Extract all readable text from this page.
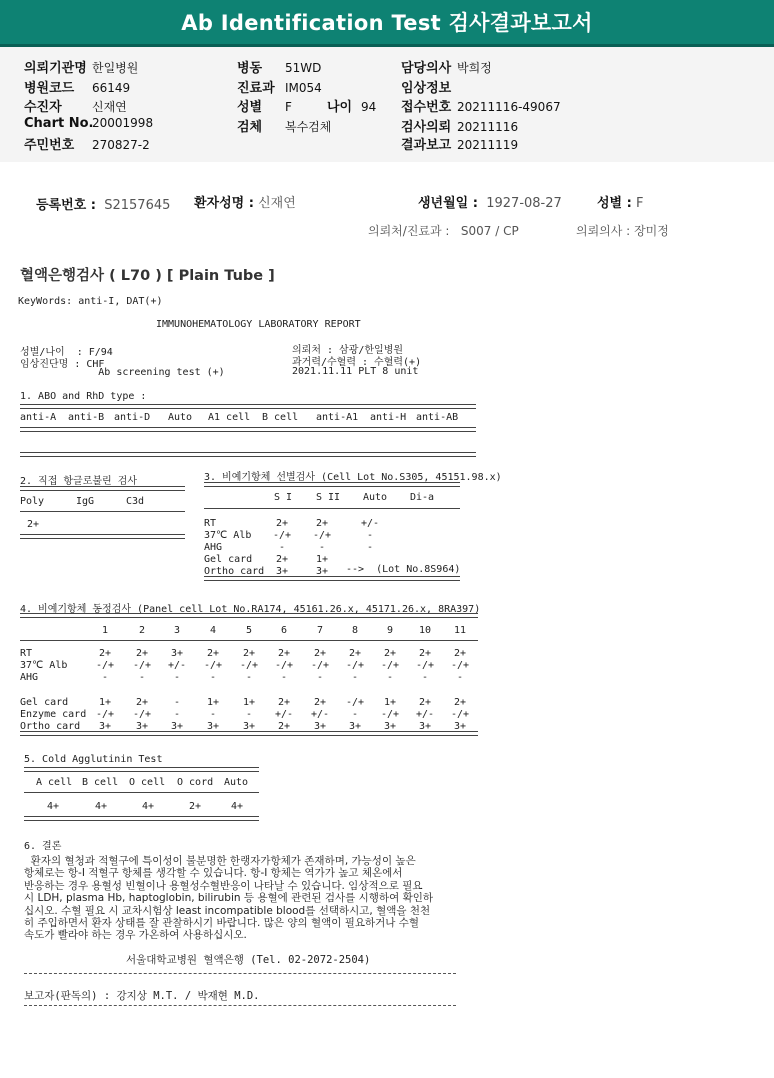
Ab Identification Test 검사결과보고서
의뢰기관명 한일병원
병원코드 66149
수진자	신재연
Chart No.20001998
주민번호 270827-2
병동 51WD
진료과 IM054
성별 F	나이 94
검체 복수검체
담당의사 박희정
임상정보
접수번호 20211116-49067
검사의뢰 20211116
결과보고 20211119
등록번호 : S2157645 환자성명 : 신재연	생년월일 : 1927-08-27	성별 : F
의뢰처/진료과 : S007 / CP	의뢰의사 : 장미정
혈액은행검사 ( L70 ) [ Plain Tube ]
KeyWords: anti-I, DAT(+)
IMMUNOHEMATOLOGY LABORATORY REPORT
성별/나이  : F/94
임상진단명 : CHF
Ab screening test (+)
의뢰처 : 삼광/한일병원
과거력/수혈력 : 수혈력(+)
2021.11.11 PLT 8 unit
1. ABO and RhD type :
anti-A anti-B anti-D Auto A1 cell B cell anti-A1 anti-H anti-AB
2. 직접 항글로불린 검사
Poly	IgG	C3d
2+
3. 비예기항체 선별검사 (Cell Lot No.S305, 45151.98.x)
S I S II Auto Di-a
RT	2+	2+	+/-
37℃ Alb	-/+	-/+	-
AHG	-	-	-
Gel card	2+	1+
Ortho card	3+	3+	-->  (Lot No.8S964)
4. 비예기항체 동정검사 (Panel cell Lot No.RA174, 45161.26.x, 45171.26.x, 8RA397)
1	2	3	4	5	6	7	8	9	10	11
RT	2+	2+	3+	2+	2+	2+	2+	2+	2+	2+	2+
37℃ Alb	-/+	-/+	+/-	-/+	-/+	-/+	-/+	-/+	-/+	-/+	-/+
AHG	-	-	-	-	-	-	-	-	-	-	-
Gel card	1+	2+	-	1+	1+	2+	2+	-/+	1+	2+	2+
Enzyme card -/+	-/+	-	-	-	+/-	+/-	-	-/+	+/-	-/+
Ortho card	3+	3+	3+	3+	3+	2+	3+	3+	3+	3+	3+
5. Cold Agglutinin Test
A cell B cell O cell O cord Auto
4+	4+	4+	2+	4+
6. 결론
환자의 혈청과 적혈구에 특이성이 불분명한 한랭자가항체가 존재하며, 가능성이 높은
항체로는 항-I 적혈구 항체를 생각할 수 있습니다. 항-I 항체는 역가가 높고 체온에서
반응하는 경우 용혈성 빈혈이나 용혈성수혈반응이 나타날 수 있습니다. 임상적으로 필요
시 LDH, plasma Hb, haptoglobin, bilirubin 등 용혈에 관련된 검사를 시행하여 확인하
십시오. 수혈 필요 시 교차시험상 least incompatible blood를 선택하시고, 혈액을 천천
히 주입하면서 환자 상태를 잘 관찰하시기 바랍니다. 많은 양의 혈액이 필요하거나 수혈
속도가 빨라야 하는 경우 가온하여 사용하십시오.
서울대학교병원 혈액은행 (Tel. 02-2072-2504)
보고자(판독의) : 강지상 M.T. / 박재현 M.D.
